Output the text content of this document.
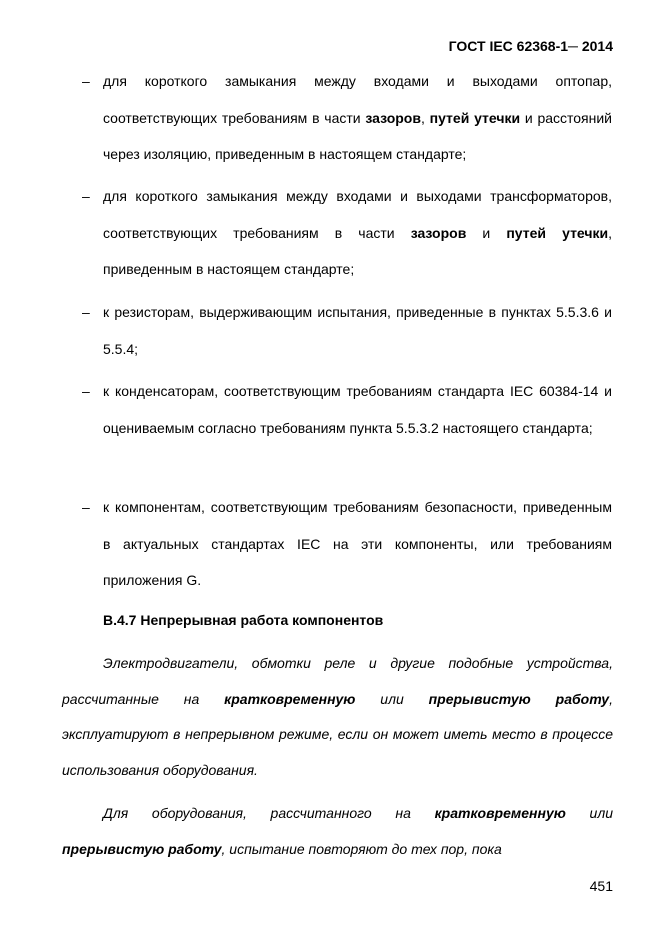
ГОСТ IEC 62368-1─ 2014
– для короткого замыкания между входами и выходами оптопар, соответствующих требованиям в части зазоров, путей утечки и расстояний через изоляцию, приведенным в настоящем стандарте;
– для короткого замыкания между входами и выходами трансформаторов, соответствующих требованиям в части зазоров и путей утечки, приведенным в настоящем стандарте;
– к резисторам, выдерживающим испытания, приведенные в пунктах 5.5.3.6 и 5.5.4;
– к конденсаторам, соответствующим требованиям стандарта IEC 60384-14 и оцениваемым согласно требованиям пункта 5.5.3.2 настоящего стандарта;
– к компонентам, соответствующим требованиям безопасности, приведенным в актуальных стандартах IEC на эти компоненты, или требованиям приложения G.
В.4.7 Непрерывная работа компонентов
Электродвигатели, обмотки реле и другие подобные устройства, рассчитанные на кратковременную или прерывистую работу, эксплуатируют в непрерывном режиме, если он может иметь место в процессе использования оборудования.
Для оборудования, рассчитанного на кратковременную или прерывистую работу, испытание повторяют до тех пор, пока
451
